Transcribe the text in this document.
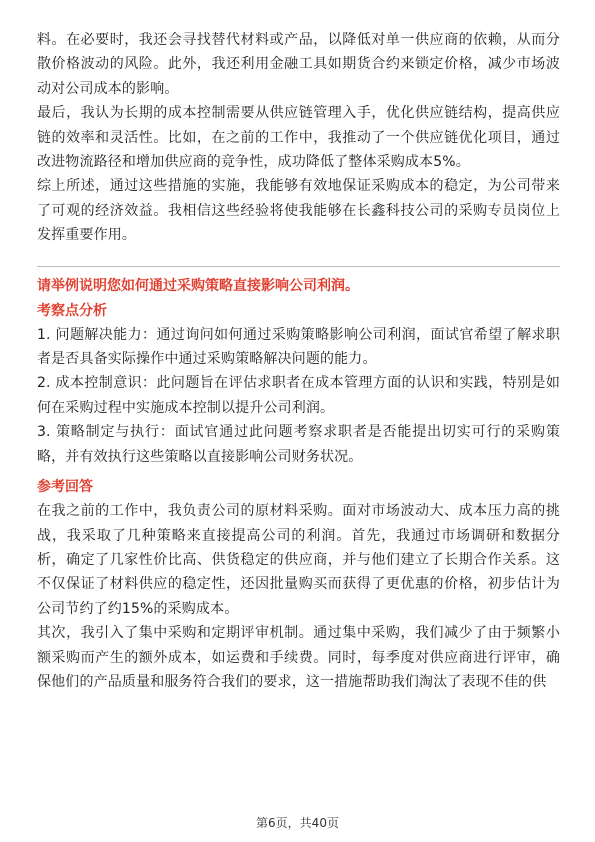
料。在必要时，我还会寻找替代材料或产品，以降低对单一供应商的依赖，从而分散价格波动的风险。此外，我还利用金融工具如期货合约来锁定价格，减少市场波动对公司成本的影响。

最后，我认为长期的成本控制需要从供应链管理入手，优化供应链结构，提高供应链的效率和灵活性。比如，在之前的工作中，我推动了一个供应链优化项目，通过改进物流路径和增加供应商的竞争性，成功降低了整体采购成本5%。

综上所述，通过这些措施的实施，我能够有效地保证采购成本的稳定，为公司带来了可观的经济效益。我相信这些经验将使我能够在长鑫科技公司的采购专员岗位上发挥重要作用。

请举例说明您如何通过采购策略直接影响公司利润。

考察点分析

1. 问题解决能力：通过询问如何通过采购策略影响公司利润，面试官希望了解求职者是否具备实际操作中通过采购策略解决问题的能力。

2. 成本控制意识：此问题旨在评估求职者在成本管理方面的认识和实践，特别是如何在采购过程中实施成本控制以提升公司利润。

3. 策略制定与执行：面试官通过此问题考察求职者是否能提出切实可行的采购策略，并有效执行这些策略以直接影响公司财务状况。

参考回答

在我之前的工作中，我负责公司的原材料采购。面对市场波动大、成本压力高的挑战，我采取了几种策略来直接提高公司的利润。首先，我通过市场调研和数据分析，确定了几家性价比高、供货稳定的供应商，并与他们建立了长期合作关系。这不仅保证了材料供应的稳定性，还因批量购买而获得了更优惠的价格，初步估计为公司节约了约15%的采购成本。

其次，我引入了集中采购和定期评审机制。通过集中采购，我们减少了由于频繁小额采购而产生的额外成本，如运费和手续费。同时，每季度对供应商进行评审，确保他们的产品质量和服务符合我们的要求，这一措施帮助我们淘汰了表现不佳的供

第6页，共40页
